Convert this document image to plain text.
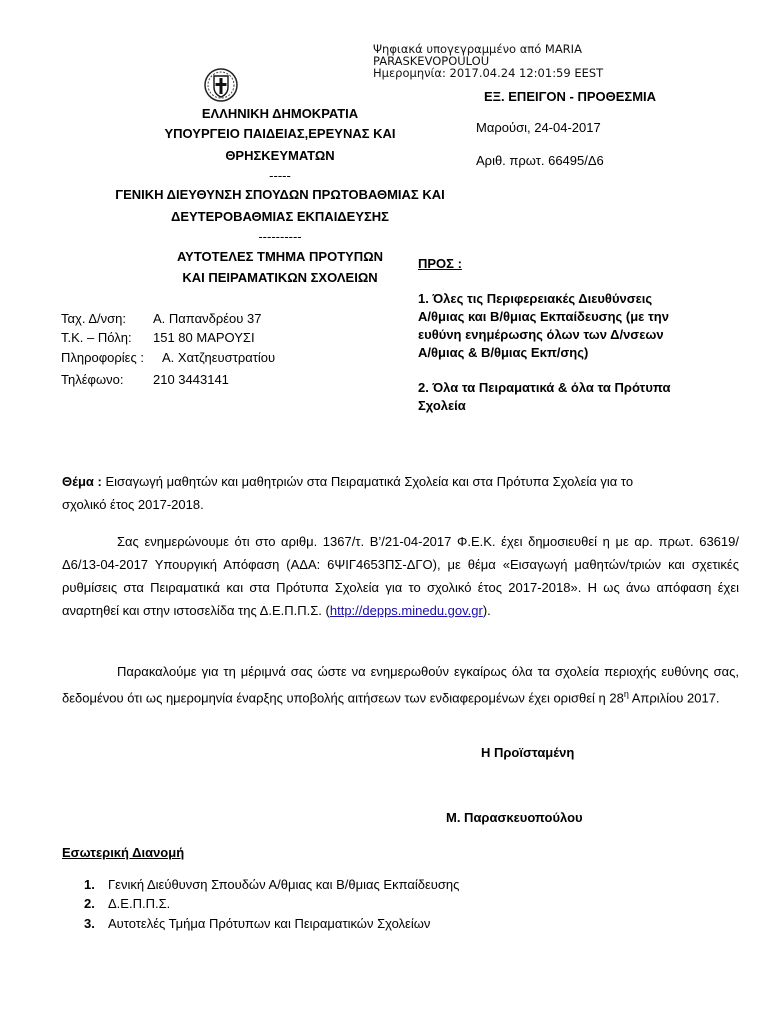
Ψηφιακά υπογεγραμμένο από MARIA
PARASKEVOPOULOU
Ημερομηνία: 2017.04.24 12:01:59 EEST
ΕΛΛΗΝΙΚΗ ΔΗΜΟΚΡΑΤΙΑ
ΥΠΟΥΡΓΕΙΟ ΠΑΙΔΕΙΑΣ,ΕΡΕΥΝΑΣ ΚΑΙ
ΘΡΗΣΚΕΥΜΑΤΩΝ
-----
ΓΕΝΙΚΗ ΔΙΕΥΘΥΝΣΗ ΣΠΟΥΔΩΝ ΠΡΩΤΟΒΑΘΜΙΑΣ ΚΑΙ
ΔΕΥΤΕΡΟΒΑΘΜΙΑΣ ΕΚΠΑΙΔΕΥΣΗΣ
----------
ΑΥΤΟΤΕΛΕΣ ΤΜΗΜΑ ΠΡΟΤΥΠΩΝ
ΚΑΙ ΠΕΙΡΑΜΑΤΙΚΩΝ ΣΧΟΛΕΙΩΝ
ΕΞ. ΕΠΕΙΓΟΝ - ΠΡΟΘΕΣΜΙΑ
Μαρούσι, 24-04-2017
Αριθ. πρωτ. 66495/Δ6
Ταχ. Δ/νση: Α. Παπανδρέου 37
Τ.Κ. – Πόλη: 151 80 ΜΑΡΟΥΣΙ
Πληροφορίες : Α. Χατζηευστρατίου
Τηλέφωνο: 210 3443141
ΠΡΟΣ :
1. Όλες τις Περιφερειακές Διευθύνσεις
Α/θμιας και Β/θμιας Εκπαίδευσης (με την
ευθύνη ενημέρωσης όλων των Δ/νσεων
Α/θμιας & Β/θμιας Εκπ/σης)
2. Όλα τα Πειραματικά & όλα τα Πρότυπα
Σχολεία
Θέμα : Εισαγωγή μαθητών και μαθητριών στα Πειραματικά Σχολεία και στα Πρότυπα Σχολεία για το
σχολικό έτος 2017-2018.
Σας ενημερώνουμε ότι στο αριθμ. 1367/τ. Β’/21-04-2017 Φ.Ε.Κ. έχει δημοσιευθεί η με αρ. πρωτ. 63619/Δ6/13-04-2017 Υπουργική Απόφαση (ΑΔΑ: 6ΨΙΓ4653ΠΣ-ΔΓΟ), με θέμα «Εισαγωγή μαθητών/τριών και σχετικές ρυθμίσεις στα Πειραματικά και στα Πρότυπα Σχολεία για το σχολικό έτος 2017-2018». Η ως άνω απόφαση έχει αναρτηθεί και στην ιστοσελίδα της Δ.Ε.Π.Π.Σ. (http://depps.minedu.gov.gr).
Παρακαλούμε για τη μέριμνά σας ώστε να ενημερωθούν εγκαίρως όλα τα σχολεία περιοχής ευθύνης σας, δεδομένου ότι ως ημερομηνία έναρξης υποβολής αιτήσεων των ενδιαφερομένων έχει ορισθεί η $28^\eta$ Απριλίου 2017.
Η Προϊσταμένη
Μ. Παρασκευοπούλου
Εσωτερική Διανομή
1. Γενική Διεύθυνση Σπουδών Α/θμιας και Β/θμιας Εκπαίδευσης
2. Δ.Ε.Π.Π.Σ.
3. Αυτοτελές Τμήμα Πρότυπων και Πειραματικών Σχολείων
